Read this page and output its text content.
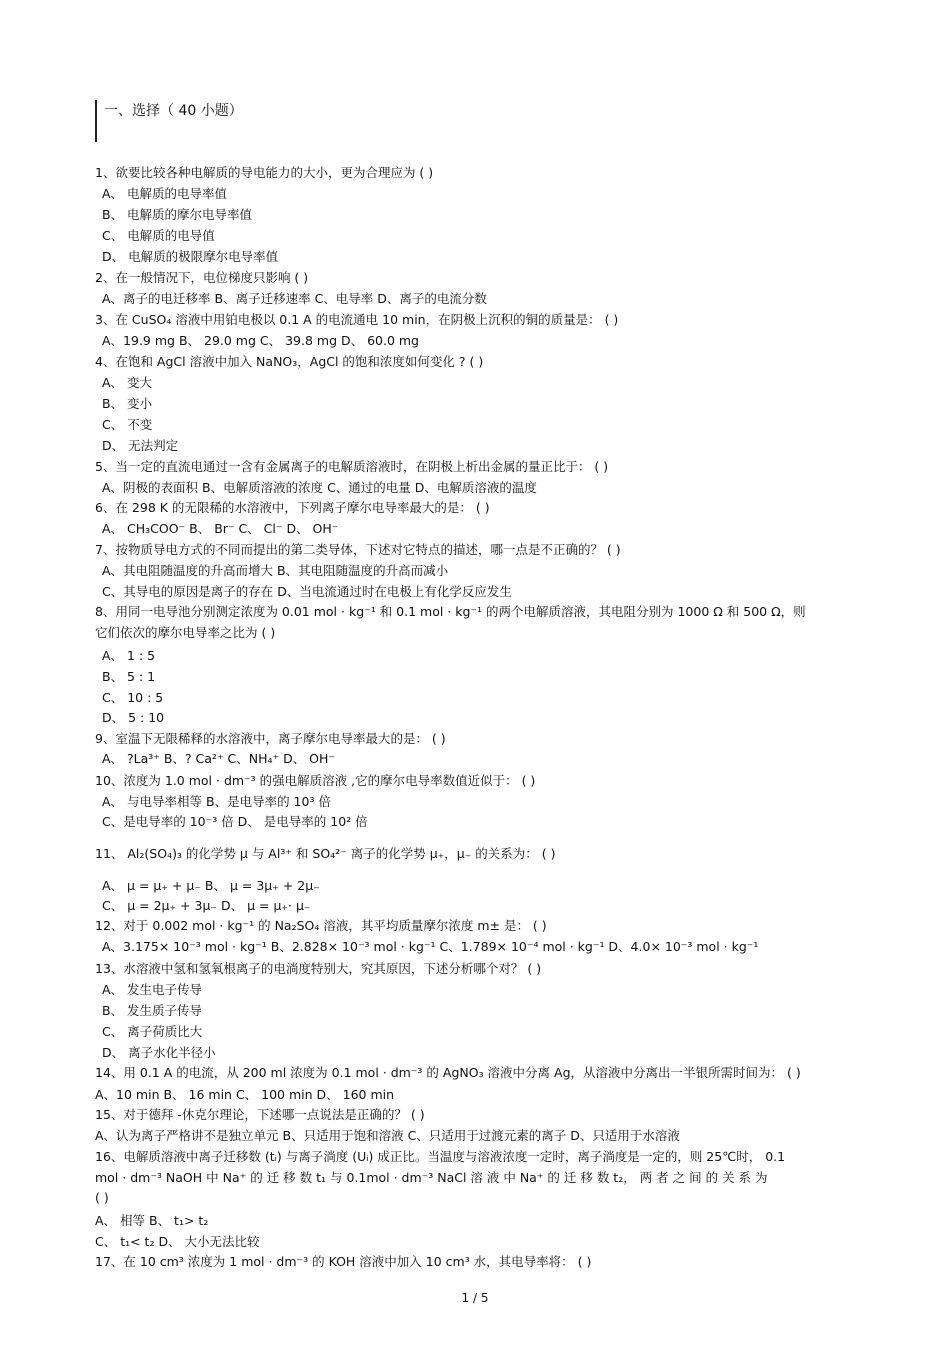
一、选择（ 40 小题）
1、欲要比较各种电解质的导电能力的大小，更为合理应为 ( )
A、 电解质的电导率值
B、 电解质的摩尔电导率值
C、 电解质的电导值
D、 电解质的极限摩尔电导率值
2、在一般情况下，电位梯度只影响 ( )
A、离子的电迁移率 B、离子迁移速率 C、电导率 D、离子的电流分数
3、在 CuSO₄ 溶液中用铂电极以 0.1 A 的电流通电 10 min，在阴极上沉积的铜的质量是： ( )
A、19.9 mg B、 29.0 mg C、 39.8 mg D、 60.0 mg
4、在饱和 AgCl 溶液中加入 NaNO₃，AgCl 的饱和浓度如何变化 ? ( )
A、 变大
B、 变小
C、 不变
D、 无法判定
5、当一定的直流电通过一含有金属离子的电解质溶液时，在阴极上析出金属的量正比于： ( )
A、阴极的表面积 B、电解质溶液的浓度 C、通过的电量 D、电解质溶液的温度
6、在 298 K 的无限稀的水溶液中，下列离子摩尔电导率最大的是： ( )
A、 CH₃COO⁻ B、 Br⁻ C、 Cl⁻ D、 OH⁻
7、按物质导电方式的不同而提出的第二类导体，下述对它特点的描述，哪一点是不正确的？ ( )
A、其电阻随温度的升高而增大 B、其电阻随温度的升高而减小
C、其导电的原因是离子的存在 D、当电流通过时在电极上有化学反应发生
8、用同一电导池分别测定浓度为 0.01 mol · kg⁻¹ 和 0.1 mol · kg⁻¹ 的两个电解质溶液，其电阻分别为 1000 Ω 和 500 Ω，则
它们依次的摩尔电导率之比为 ( )
A、 1 : 5
B、 5 : 1
C、 10 : 5
D、 5 : 10
9、室温下无限稀释的水溶液中，离子摩尔电导率最大的是： ( )
A、 ?La³⁺ B、? Ca²⁺ C、NH₄⁺ D、 OH⁻
10、浓度为 1.0 mol · dm⁻³ 的强电解质溶液 ,它的摩尔电导率数值近似于： ( )
A、 与电导率相等 B、是电导率的 10³ 倍
C、是电导率的 10⁻³ 倍 D、 是电导率的 10² 倍
11、 Al₂(SO₄)₃ 的化学势 μ 与 Al³⁺ 和 SO₄²⁻ 离子的化学势 μ₊，μ₋ 的关系为： ( )
A、 μ = μ₊ + μ₋ B、 μ = 3μ₊ + 2μ₋
C、 μ = 2μ₊ + 3μ₋ D、 μ = μ₊· μ₋
12、对于 0.002 mol · kg⁻¹ 的 Na₂SO₄ 溶液，其平均质量摩尔浓度 m± 是： ( )
A、3.175× 10⁻³ mol · kg⁻¹ B、2.828× 10⁻³ mol · kg⁻¹ C、1.789× 10⁻⁴ mol · kg⁻¹ D、4.0× 10⁻³ mol · kg⁻¹
13、水溶液中氢和氢氧根离子的电淌度特别大，究其原因，下述分析哪个对？ ( )
A、 发生电子传导
B、 发生质子传导
C、 离子荷质比大
D、 离子水化半径小
14、用 0.1 A 的电流，从 200 ml 浓度为 0.1 mol · dm⁻³ 的 AgNO₃ 溶液中分离 Ag，从溶液中分离出一半银所需时间为： ( )
A、10 min B、 16 min C、 100 min D、 160 min
15、对于德拜 -休克尔理论，下述哪一点说法是正确的？ ( )
A、认为离子严格讲不是独立单元 B、只适用于饱和溶液 C、只适用于过渡元素的离子 D、只适用于水溶液
16、电解质溶液中离子迁移数 (tᵢ) 与离子淌度 (Uᵢ) 成正比。当温度与溶液浓度一定时，离子淌度是一定的，则 25℃时， 0.1
mol · dm⁻³ NaOH 中 Na⁺ 的 迁 移 数 t₁ 与 0.1mol · dm⁻³ NaCl 溶 液 中 Na⁺ 的 迁 移 数 t₂， 两 者 之 间 的 关 系 为
( )
A、 相等 B、 t₁> t₂
C、 t₁< t₂ D、 大小无法比较
17、在 10 cm³ 浓度为 1 mol · dm⁻³ 的 KOH 溶液中加入 10 cm³ 水，其电导率将： ( )
1 / 5
